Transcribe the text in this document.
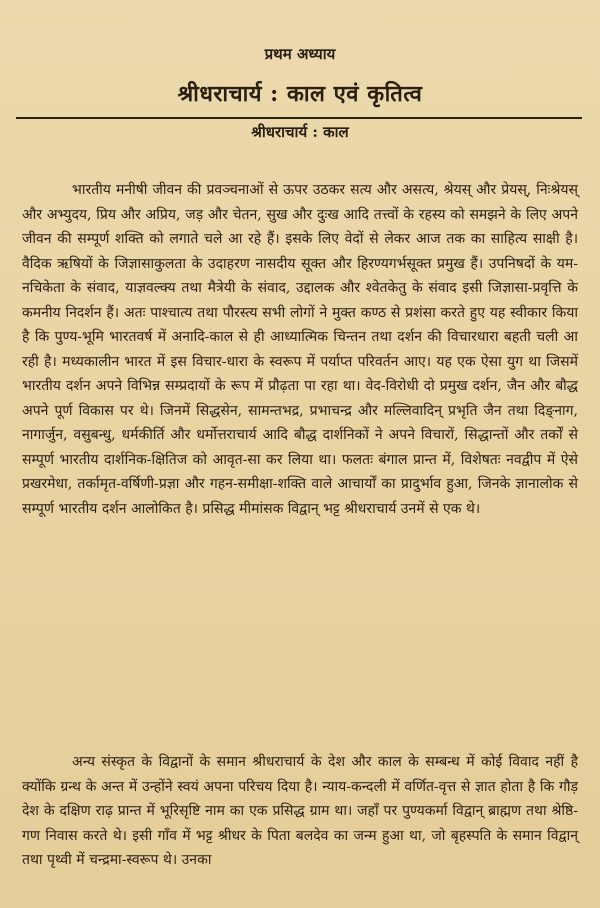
प्रथम अध्याय
श्रीधराचार्य : काल एवं कृतित्व
श्रीधराचार्य : काल

भारतीय मनीषी जीवन की प्रवञ्चनाओं से ऊपर उठकर सत्य और असत्य, श्रेयस् और प्रेयस्, निःश्रेयस् और अभ्युदय, प्रिय और अप्रिय, जड़ और चेतन, सुख और दुःख आदि तत्त्वों के रहस्य को समझने के लिए अपने जीवन की सम्पूर्ण शक्ति को लगाते चले आ रहे हैं। इसके लिए वेदों से लेकर आज तक का साहित्य साक्षी है। वैदिक ऋषियों के जिज्ञासाकुलता के उदाहरण नासदीय सूक्त और हिरण्यगर्भसूक्त प्रमुख हैं। उपनिषदों के यम-नचिकेता के संवाद, याज्ञवल्क्य तथा मैत्रेयी के संवाद, उद्दालक और श्वेतकेतु के संवाद इसी जिज्ञासा-प्रवृत्ति के कमनीय निदर्शन हैं। अतः पाश्चात्य तथा पौरस्त्य सभी लोगों ने मुक्त कण्ठ से प्रशंसा करते हुए यह स्वीकार किया है कि पुण्य-भूमि भारतवर्ष में अनादि-काल से ही आध्यात्मिक चिन्तन तथा दर्शन की विचारधारा बहती चली आ रही है। मध्यकालीन भारत में इस विचार-धारा के स्वरूप में पर्याप्त परिवर्तन आए। यह एक ऐसा युग था जिसमें भारतीय दर्शन अपने विभिन्न सम्प्रदायों के रूप में प्रौढ़ता पा रहा था। वेद-विरोधी दो प्रमुख दर्शन, जैन और बौद्ध अपने पूर्ण विकास पर थे। जिनमें सिद्धसेन, सामन्तभद्र, प्रभाचन्द्र और मल्लिवादिन् प्रभृति जैन तथा दिङ्नाग, नागार्जुन, वसुबन्धु, धर्मकीर्ति और धर्मोत्तराचार्य आदि बौद्ध दार्शनिकों ने अपने विचारों, सिद्धान्तों और तर्कों से सम्पूर्ण भारतीय दार्शनिक-क्षितिज को आवृत-सा कर लिया था। फलतः बंगाल प्रान्त में, विशेषतः नवद्वीप में ऐसे प्रखरमेधा, तर्कामृत-वर्षिणी-प्रज्ञा और गहन-समीक्षा-शक्ति वाले आचार्यों का प्रादुर्भाव हुआ, जिनके ज्ञानालोक से सम्पूर्ण भारतीय दर्शन आलोकित है। प्रसिद्ध मीमांसक विद्वान् भट्ट श्रीधराचार्य उनमें से एक थे।

अन्य संस्कृत के विद्वानों के समान श्रीधराचार्य के देश और काल के सम्बन्ध में कोई विवाद नहीं है क्योंकि ग्रन्थ के अन्त में उन्होंने स्वयं अपना परिचय दिया है। न्याय-कन्दली में वर्णित-वृत्त से ज्ञात होता है कि गौड़ देश के दक्षिण राढ़ प्रान्त में भूरिसृष्टि नाम का एक प्रसिद्ध ग्राम था। जहाँ पर पुण्यकर्मा विद्वान् ब्राह्मण तथा श्रेष्ठि-गण निवास करते थे। इसी गाँव में भट्ट श्रीधर के पिता बलदेव का जन्म हुआ था, जो बृहस्पति के समान विद्वान् तथा पृथ्वी में चन्द्रमा-स्वरूप थे। उनका
